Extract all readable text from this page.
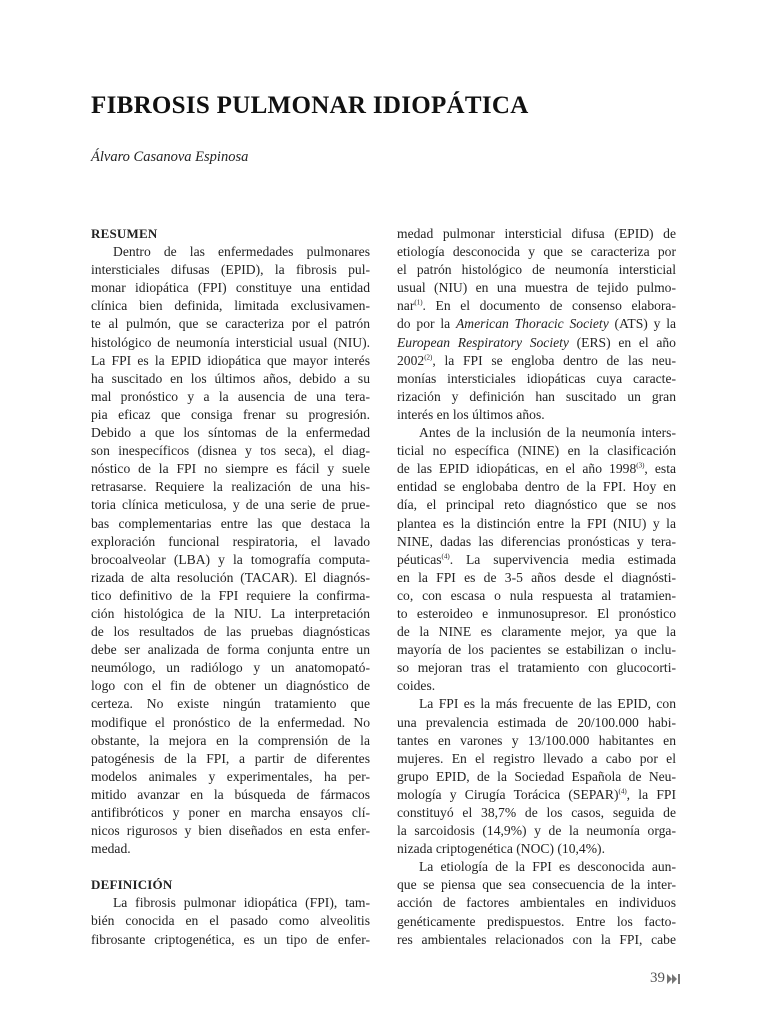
FIBROSIS PULMONAR IDIOPÁTICA
Álvaro Casanova Espinosa
RESUMEN
Dentro de las enfermedades pulmonares
intersticiales difusas (EPID), la fibrosis pul-
monar idiopática (FPI) constituye una entidad
clínica bien definida, limitada exclusivamen-
te al pulmón, que se caracteriza por el patrón
histológico de neumonía intersticial usual (NIU).
La FPI es la EPID idiopática que mayor interés
ha suscitado en los últimos años, debido a su
mal pronóstico y a la ausencia de una tera-
pia eficaz que consiga frenar su progresión.
Debido a que los síntomas de la enfermedad
son inespecíficos (disnea y tos seca), el diag-
nóstico de la FPI no siempre es fácil y suele
retrasarse. Requiere la realización de una his-
toria clínica meticulosa, y de una serie de prue-
bas complementarias entre las que destaca la
exploración funcional respiratoria, el lavado
brocoalveolar (LBA) y la tomografía computa-
rizada de alta resolución (TACAR). El diagnós-
tico definitivo de la FPI requiere la confirma-
ción histológica de la NIU. La interpretación
de los resultados de las pruebas diagnósticas
debe ser analizada de forma conjunta entre un
neumólogo, un radiólogo y un anatomopató-
logo con el fin de obtener un diagnóstico de
certeza. No existe ningún tratamiento que
modifique el pronóstico de la enfermedad. No
obstante, la mejora en la comprensión de la
patogénesis de la FPI, a partir de diferentes
modelos animales y experimentales, ha per-
mitido avanzar en la búsqueda de fármacos
antifibróticos y poner en marcha ensayos clí-
nicos rigurosos y bien diseñados en esta enfer-
medad.
DEFINICIÓN
La fibrosis pulmonar idiopática (FPI), tam-
bién conocida en el pasado como alveolitis
fibrosante criptogenética, es un tipo de enfer-
medad pulmonar intersticial difusa (EPID) de
etiología desconocida y que se caracteriza por
el patrón histológico de neumonía intersticial
usual (NIU) en una muestra de tejido pulmo-
nar$^{(1)}$. En el documento de consenso elabora-
do por la American Thoracic Society (ATS) y la
European Respiratory Society (ERS) en el año
2002$^{(2)}$, la FPI se engloba dentro de las neu-
monías intersticiales idiopáticas cuya caracte-
rización y definición han suscitado un gran
interés en los últimos años.
Antes de la inclusión de la neumonía inters-
ticial no específica (NINE) en la clasificación
de las EPID idiopáticas, en el año 1998$^{(3)}$, esta
entidad se englobaba dentro de la FPI. Hoy en
día, el principal reto diagnóstico que se nos
plantea es la distinción entre la FPI (NIU) y la
NINE, dadas las diferencias pronósticas y tera-
péuticas$^{(4)}$. La supervivencia media estimada
en la FPI es de 3-5 años desde el diagnósti-
co, con escasa o nula respuesta al tratamien-
to esteroideo e inmunosupresor. El pronóstico
de la NINE es claramente mejor, ya que la
mayoría de los pacientes se estabilizan o inclu-
so mejoran tras el tratamiento con glucocorti-
coides.
La FPI es la más frecuente de las EPID, con
una prevalencia estimada de 20/100.000 habi-
tantes en varones y 13/100.000 habitantes en
mujeres. En el registro llevado a cabo por el
grupo EPID, de la Sociedad Española de Neu-
mología y Cirugía Torácica (SEPAR)$^{(4)}$, la FPI
constituyó el 38,7% de los casos, seguida de
la sarcoidosis (14,9%) y de la neumonía orga-
nizada criptogenética (NOC) (10,4%).
La etiología de la FPI es desconocida aun-
que se piensa que sea consecuencia de la inter-
acción de factores ambientales en individuos
genéticamente predispuestos. Entre los facto-
res ambientales relacionados con la FPI, cabe
39
